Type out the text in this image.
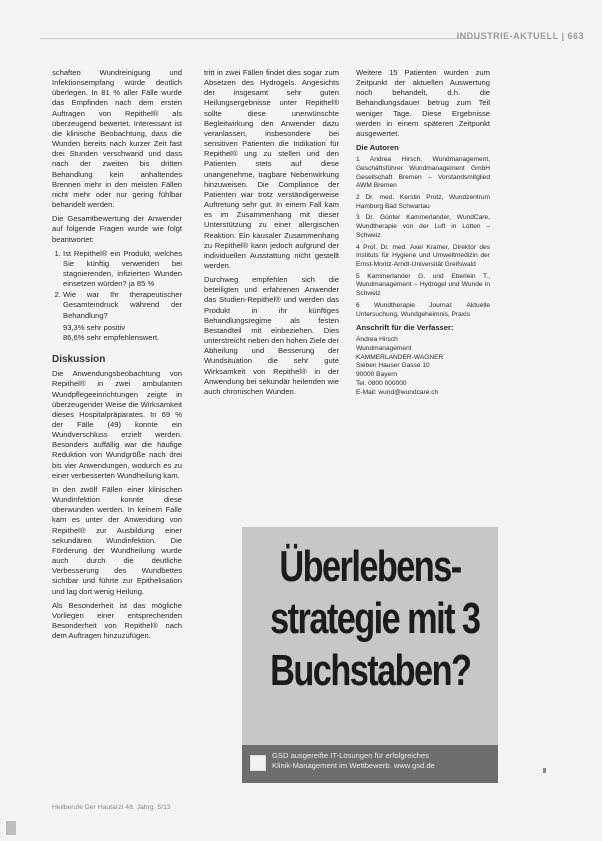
INDUSTRIE-AKTUELL | 663

schaften Wundreinigung und Infektionsempfang würde deutlich überlegen. In 81 % aller Fälle wurde das Empfinden nach dem ersten Auftragen von Repithel® als überzeugend bewertet. Interessant ist die klinische Beobachtung, dass die Wunden bereits nach kurzer Zeit fast drei Stunden verschwand und dass nach der zweiten bis dritten Behandlung kein anhaltendes Brennen mehr in den meisten Fällen nicht mehr oder nur gering fühlbar behandelt werden.

Die Gesamtbewertung der Anwender auf folgende Fragen wurde wie folgt beantwortet:

1. Ist Repithel® ein Produkt, welches Sie künftig verwenden bei stagnierenden, infizierten Wunden einsetzen würden? ja 85 %
2. Wie war Ihr therapeutischer Gesamteindruck während der Behandlung?
93,3% sehr positiv
86,6% sehr empfehlenswert.
Diskussion

Die Anwendungsbeobachtung von Repithel® in zwei ambulanten Wundpflegeeinrichtungen zeigte in überzeugender Weise die Wirksamkeit dieses Hospitalpräparates. In 69 % der Fälle (49) konnte ein Wundverschluss erzielt werden. Besonders auffällig war die häufige Reduktion von Wundgröße nach drei bis vier Anwendungen, wodurch es zu einer verbesserten Wundheilung kam.

In den zwölf Fällen einer klinischen Wundinfektion konnte diese überwunden werden. In keinem Falle kam es unter der Anwendung von Repithel® zur Ausbildung einer sekundären Wundinfektion. Die Förderung der Wundheilung wurde auch durch die deutliche Verbesserung des Wundbettes sichtbar und führte zur Epithelisation und lag dort wenig Heilung.

Als Besonderheit ist das mögliche Vorliegen einer entsprechenden Besonderheit von Repithel® nach dem Auftragen hinzuzufügen.

tritt in zwei Fällen findet dies sogar zum Absetzen des Hydrogels. Angesichts der insgesamt sehr guten Heilungsergebnisse unter Repithel® sollte diese unerwünschte Begleitwirkung den Anwender dazu veranlassen, insbesondere bei sensitiven Patienten die Indikation für Repithel® ung zu stellen und den Patienten stets auf diese unangenehme, tragbare Nebenwirkung hinzuweisen. Die Compliance der Patienten war trotz verständigerweise Auftretung sehr gut. In einem Fall kam es im Zusammenhang mit dieser Unterstützung zu einer allergischen Reaktion. Ein kausaler Zusammenhang zu Repithel® kann jedoch aufgrund der individuellen Ausstattung nicht gestellt werden.

Durchweg empfehlen sich die beteiligten und erfahrenen Anwender das Studien-Repithel® und werden das Produkt in ihr künftiges Behandlungsregime als festen Bestandteil mit einbeziehen. Dies unterstreicht neben den hohen Ziele der Abheilung und Besserung der Wundsituation die sehr gute Wirksamkeit von Repithel® in der Anwendung bei sekundär heilenden wie auch chronischen Wunden.

Weitere 15 Patienten wurden zum Zeitpunkt der aktuellen Auswertung noch behandelt, d.h. die Behandlungsdauer betrug zum Teil weniger Tage. Diese Ergebnisse werden in einem späteren Zeitpunkt ausgewertet.

Die Autoren

1 Andrea Hirsch, Wundmanagement, Geschäftsführer Wundmanagement GmbH Gesellschaft Bremen – Vorstandsmitglied AWM Bremen

2 Dr. med. Kerstin Protz, Wundzentrum Hamburg Bad Schwartau

3 Dr. Günter Kammerlander, WundCare, Wundtherapie von der Luft in Lotten – Schweiz

4 Prof. Dr. med. Axel Kramer, Direktor des Instituts für Hygiene und Umweltmedizin der Ernst-Moritz-Arndt-Universität Greifswald

5 Kammerlander G. und Eberlein T., Wundmanagement – Hydrogel und Wunde in Schweiz

6 Wundtherapie Journal: Aktuelle Untersuchung, Wundgeheimnis, Praxis

Anschrift für die Verfasser:
Andrea Hirsch
Wundmanagement
KAMMERLANDER-WAGNER
Sieben Hauser Gasse 10
90000 Bayern
Tel. 0800 000000
E-Mail: wund@wundcare.ch
Überlebens-
strategie mit 3
Buchstaben?
GSD ausgereifte IT-Lösungen für erfolgreiches
Klinik-Management im Wettbewerb. www.gsd.de
Heilberufe Der Hautarzt 48. Jahrg. 5/13
